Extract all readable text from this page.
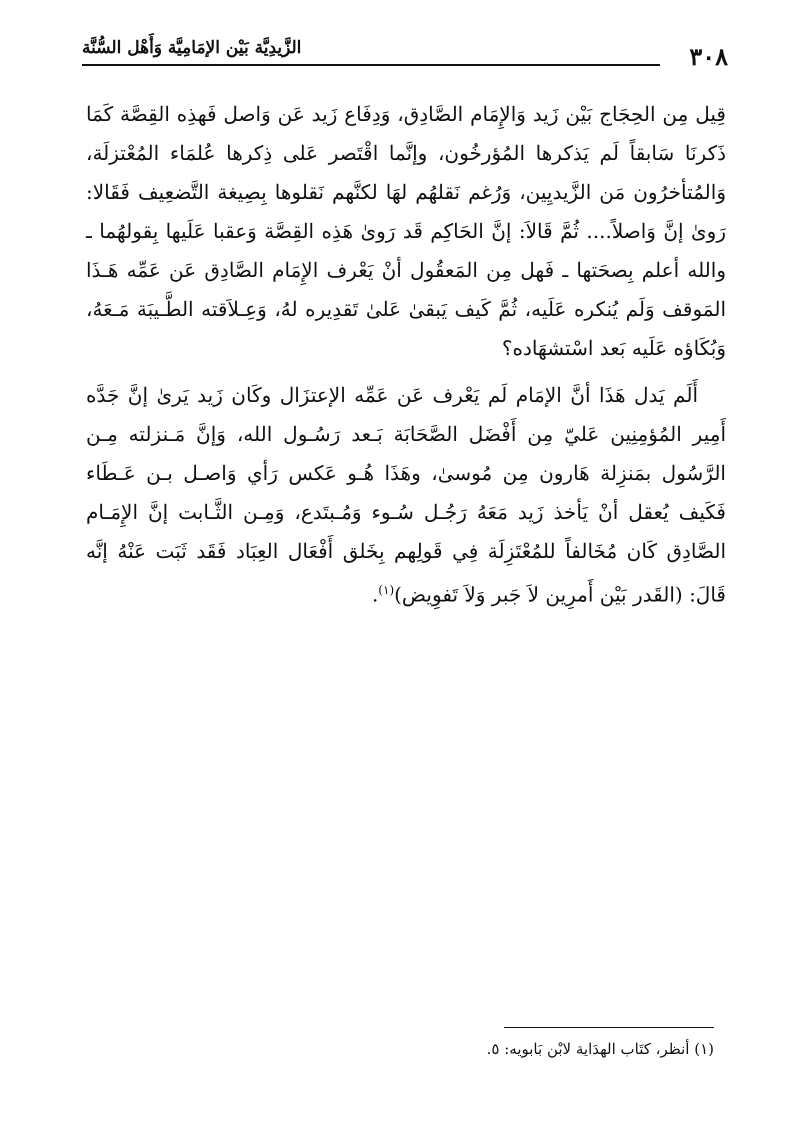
٣٠٨
الزَّيدِيَّة بَيْن الإمَامِيَّة وَأَهْل السُّنَّة

قِيل مِن الحِجَاج بَيْن زَيد وَالإِمَام الصَّادِق، وَدِفَاع زَيد عَن وَاصل فَهذِه القِصَّة كَمَا ذَكرنَا سَابقاً لَم يَذكرها المُؤرخُون، وإنَّما اقْتَصر عَلى ذِكرها عُلمَاء المُعْتزلَة، وَالمُتأخرُون مَن الزَّيديِين، وَرُغم نَقلهُم لهَا لكنَّهم نَقلوها بِصِيغة التَّضعِيف فَقَالا: رَوىٰ إنَّ وَاصلاً.... ثُمَّ قَالاَ: إنَّ الحَاكِم قَد رَوىٰ هَذِه القِصَّة وَعقبا عَلَيها بِقولهُما ـ والله أعلم بِصحَتها ـ فَهل مِن المَعقُول أنْ يَعْرف الإِمَام الصَّادِق عَن عَمِّه هَـذَا المَوقف وَلَم يُنكره عَلَيه، ثُمَّ كَيف يَبقىٰ عَلىٰ تَقدِيره لهُ، وَعِـلاَقته الطَّـيبَة مَـعَهُ، وَبُكَاؤه عَلَيه بَعد اسْتشهَاده؟

أَلَم يَدل هَذَا أنَّ الإمَام لَم يَعْرف عَن عَمِّه الإعتزَال وكَان زَيد يَرىٰ إنَّ جَدَّه أَمِير المُؤمِنِين عَليّ مِن أَفْضَل الصَّحَابَة بَـعد رَسُـول الله، وَإنَّ مَـنزلته مِـن الرَّسُول بمَنزِلة هَارون مِن مُوسىٰ، وهَذَا هُـو عَكس رَأي وَاصـل بـن عَـطَاء فَكَيف يُعقل أنْ يَأخذ زَيد مَعَهُ رَجُـل سُـوء وَمُـبتَدع، وَمِـن الثَّـابت إنَّ الإِمَـام الصَّادِق كَان مُخَالفاً للمُعْتَزِلَة فِي قَولِهم بِخَلق أَفْعَال العِبَاد فَقَد ثَبَت عَنْهُ إنَّه قَالَ: (القَدر بَيْن أَمرِين لاَ جَبر وَلاَ تَفوِيض)$^{(١)}$.

(١) أنظر، كتَاب الهدَاية لابْن بَابويه: ٥.
